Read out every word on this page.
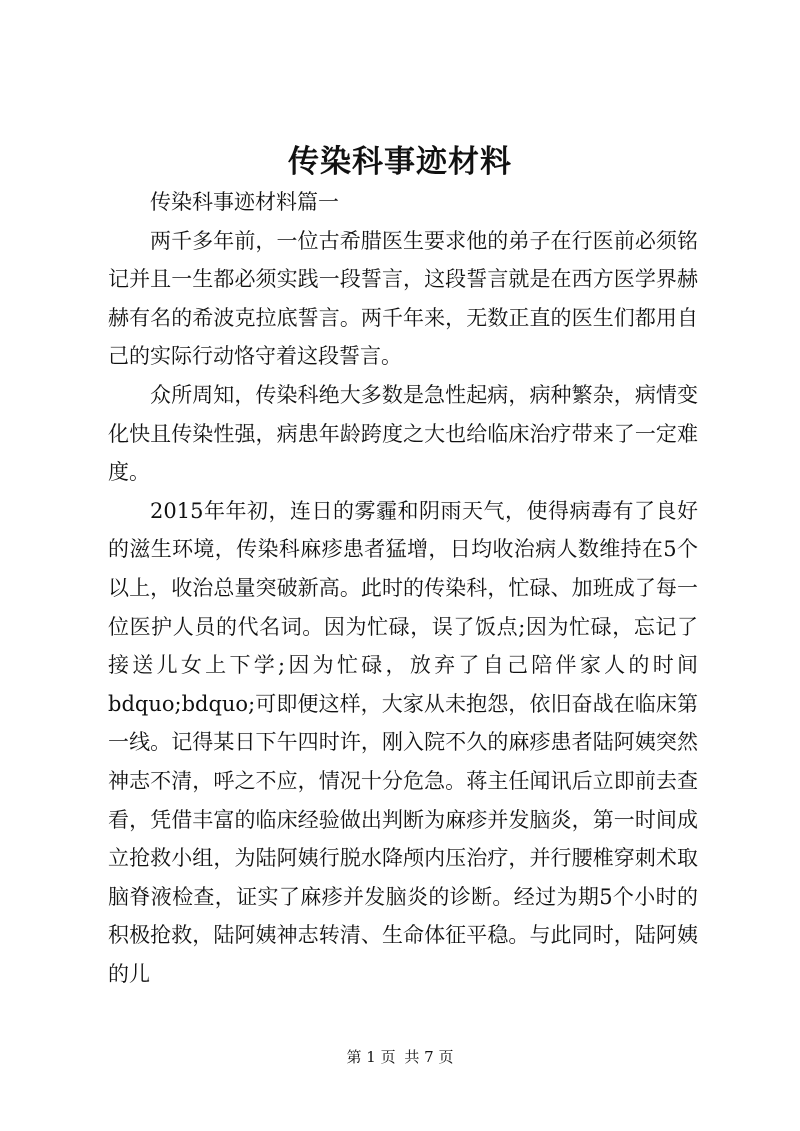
传染科事迹材料

传染科事迹材料篇一

两千多年前，一位古希腊医生要求他的弟子在行医前必须铭记并且一生都必须实践一段誓言，这段誓言就是在西方医学界赫赫有名的希波克拉底誓言。两千年来，无数正直的医生们都用自己的实际行动恪守着这段誓言。

众所周知，传染科绝大多数是急性起病，病种繁杂，病情变化快且传染性强，病患年龄跨度之大也给临床治疗带来了一定难度。

2015年年初，连日的雾霾和阴雨天气，使得病毒有了良好的滋生环境，传染科麻疹患者猛增，日均收治病人数维持在5个以上，收治总量突破新高。此时的传染科，忙碌、加班成了每一位医护人员的代名词。因为忙碌，误了饭点;因为忙碌，忘记了接送儿女上下学;因为忙碌，放弃了自己陪伴家人的时间bdquo;bdquo;可即便这样，大家从未抱怨，依旧奋战在临床第一线。记得某日下午四时许，刚入院不久的麻疹患者陆阿姨突然神志不清，呼之不应，情况十分危急。蒋主任闻讯后立即前去查看，凭借丰富的临床经验做出判断为麻疹并发脑炎，第一时间成立抢救小组，为陆阿姨行脱水降颅内压治疗，并行腰椎穿刺术取脑脊液检查，证实了麻疹并发脑炎的诊断。经过为期5个小时的积极抢救，陆阿姨神志转清、生命体征平稳。与此同时，陆阿姨的儿

第 1 页 共 7 页
